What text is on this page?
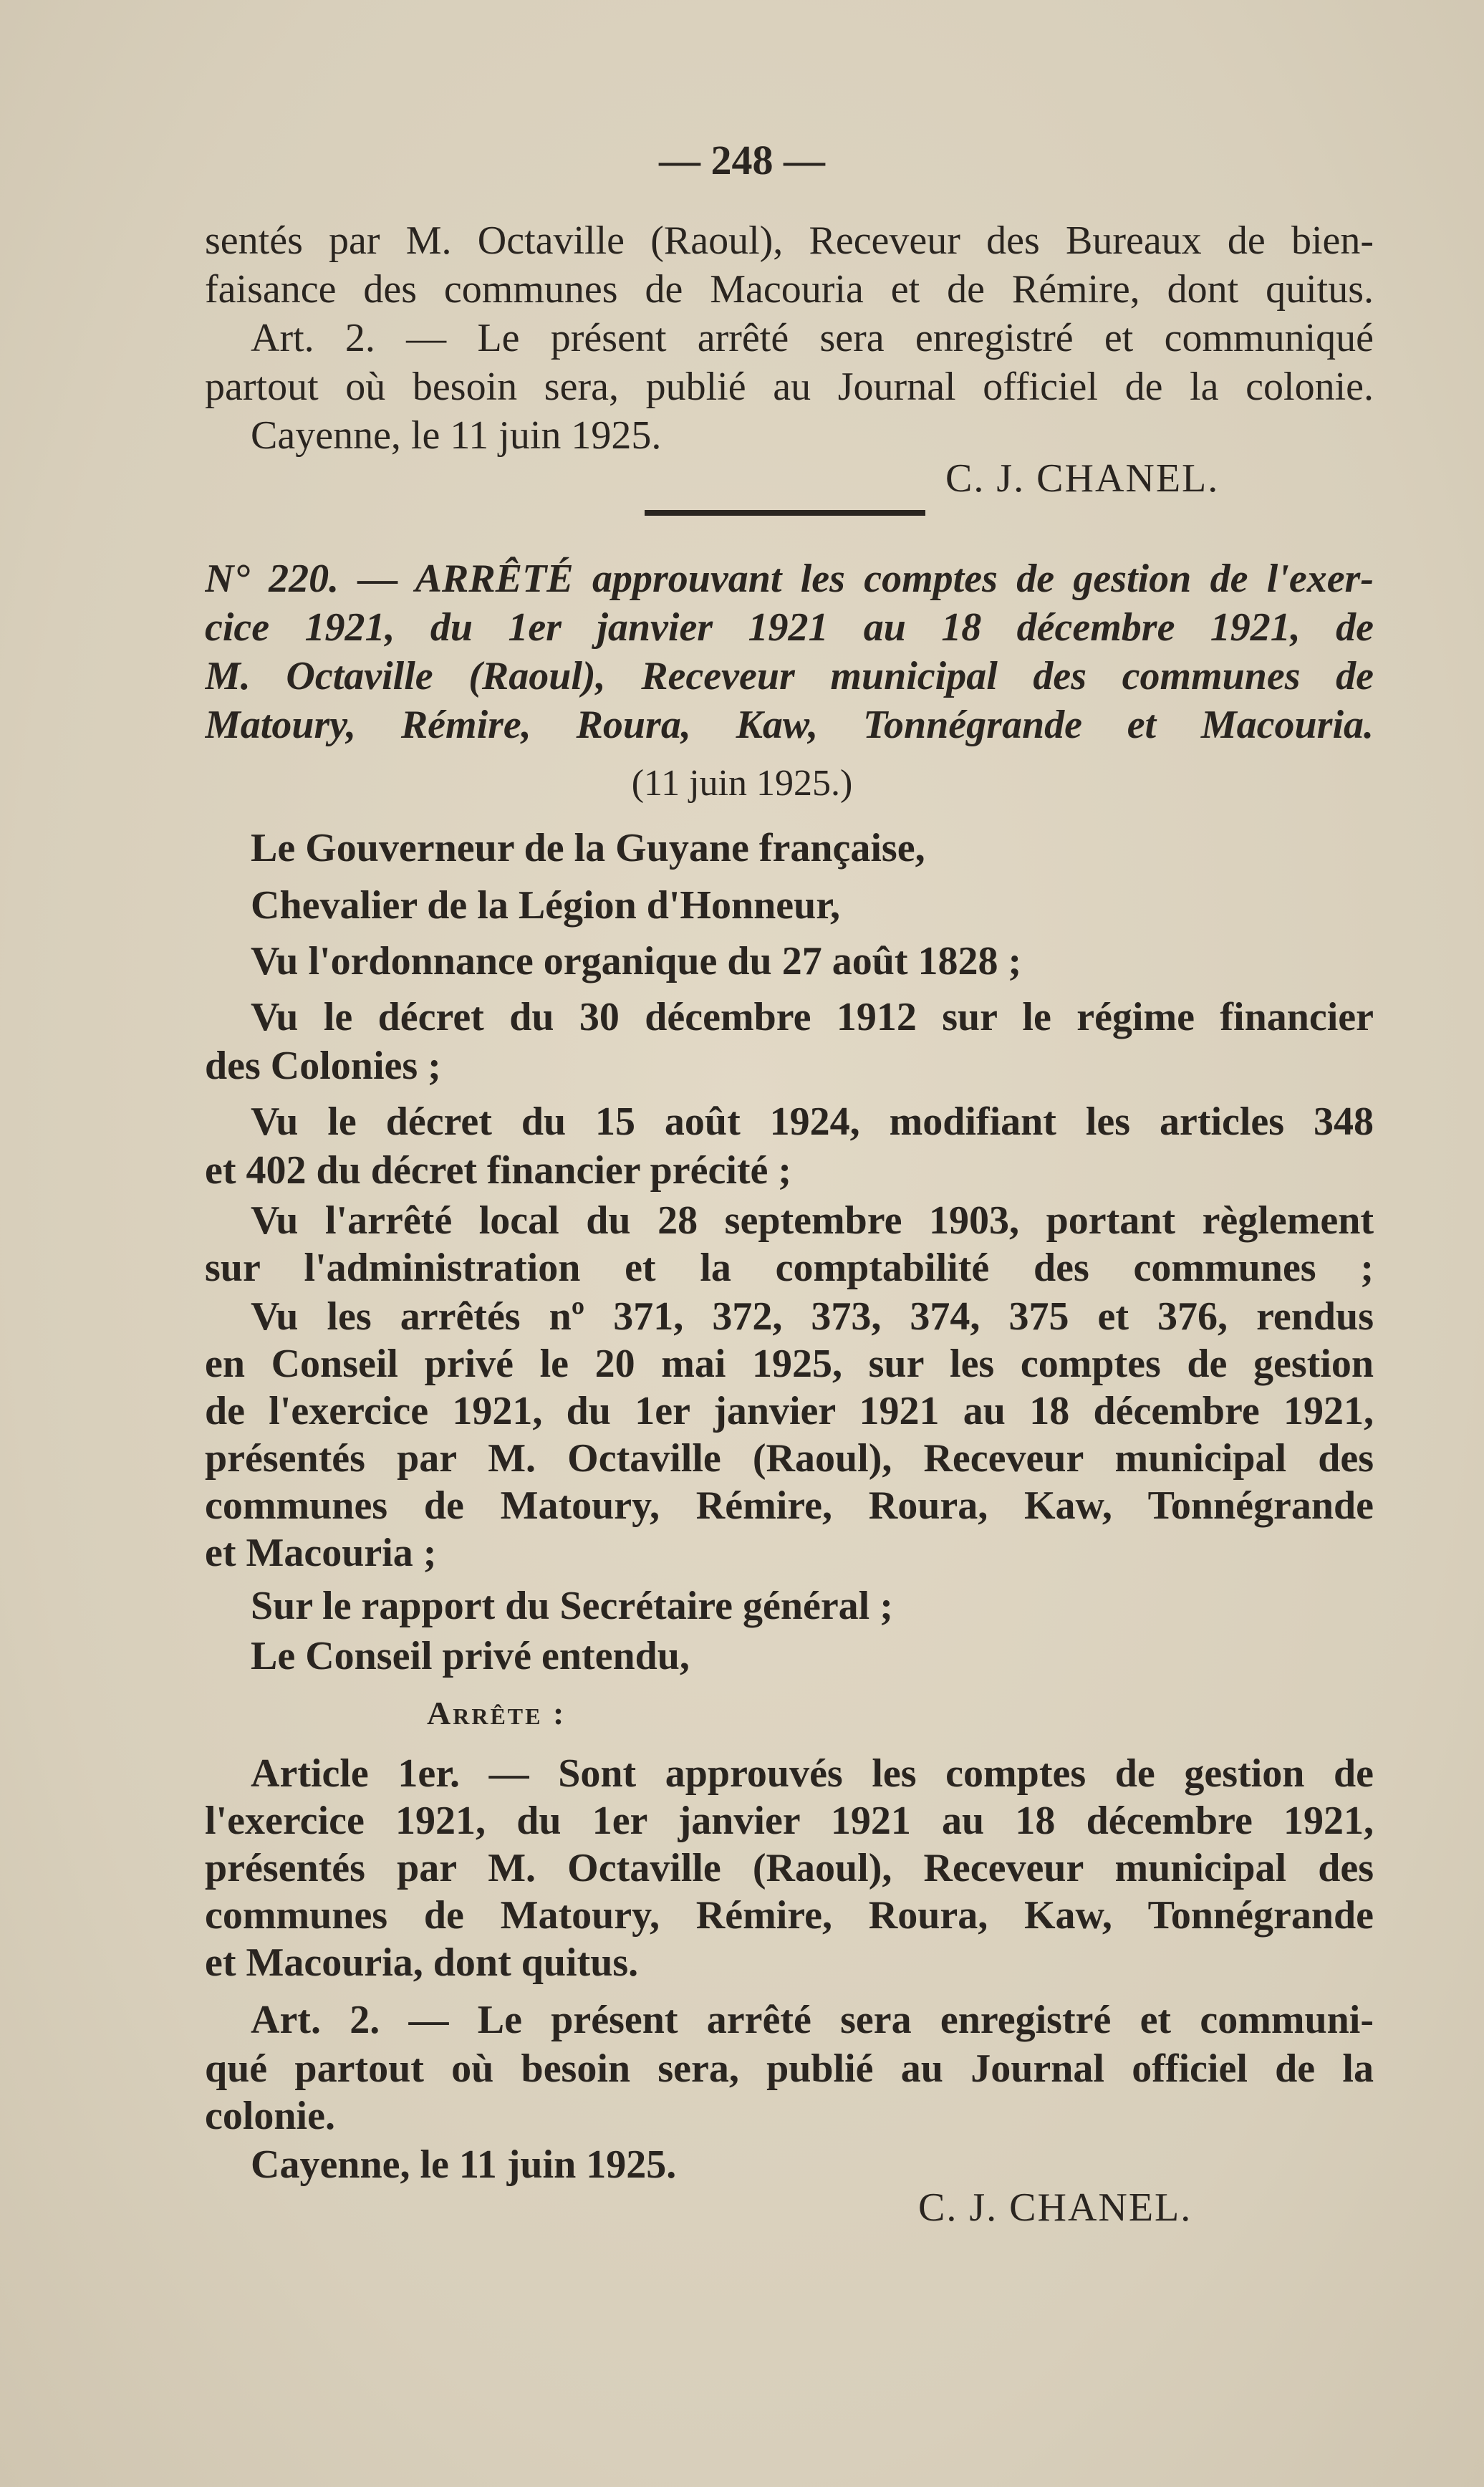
— 248 —
sentés par M. Octaville (Raoul), Receveur des Bureaux de bien-
faisance des communes de Macouria et de Rémire, dont quitus.
Art. 2. — Le présent arrêté sera enregistré et communiqué
partout où besoin sera, publié au Journal officiel de la colonie.
Cayenne, le 11 juin 1925.
C. J. CHANEL.
N° 220. — ARRÊTÉ approuvant les comptes de gestion de l'exer-
cice 1921, du 1er janvier 1921 au 18 décembre 1921, de
M. Octaville (Raoul), Receveur municipal des communes de
Matoury, Rémire, Roura, Kaw, Tonnégrande et Macouria.
(11 juin 1925.)
Le Gouverneur de la Guyane française,
Chevalier de la Légion d'Honneur,
Vu l'ordonnance organique du 27 août 1828 ;
Vu le décret du 30 décembre 1912 sur le régime financier
des Colonies ;
Vu le décret du 15 août 1924, modifiant les articles 348
et 402 du décret financier précité ;
Vu l'arrêté local du 28 septembre 1903, portant règlement
sur l'administration et la comptabilité des communes ;
Vu les arrêtés nº 371, 372, 373, 374, 375 et 376, rendus
en Conseil privé le 20 mai 1925, sur les comptes de gestion
de l'exercice 1921, du 1er janvier 1921 au 18 décembre 1921,
présentés par M. Octaville (Raoul), Receveur municipal des
communes de Matoury, Rémire, Roura, Kaw, Tonnégrande
et Macouria ;
Sur le rapport du Secrétaire général ;
Le Conseil privé entendu,
Arrête :
Article 1er. — Sont approuvés les comptes de gestion de
l'exercice 1921, du 1er janvier 1921 au 18 décembre 1921,
présentés par M. Octaville (Raoul), Receveur municipal des
communes de Matoury, Rémire, Roura, Kaw, Tonnégrande
et Macouria, dont quitus.
Art. 2. — Le présent arrêté sera enregistré et communi-
qué partout où besoin sera, publié au Journal officiel de la
colonie.
Cayenne, le 11 juin 1925.
C. J. CHANEL.
